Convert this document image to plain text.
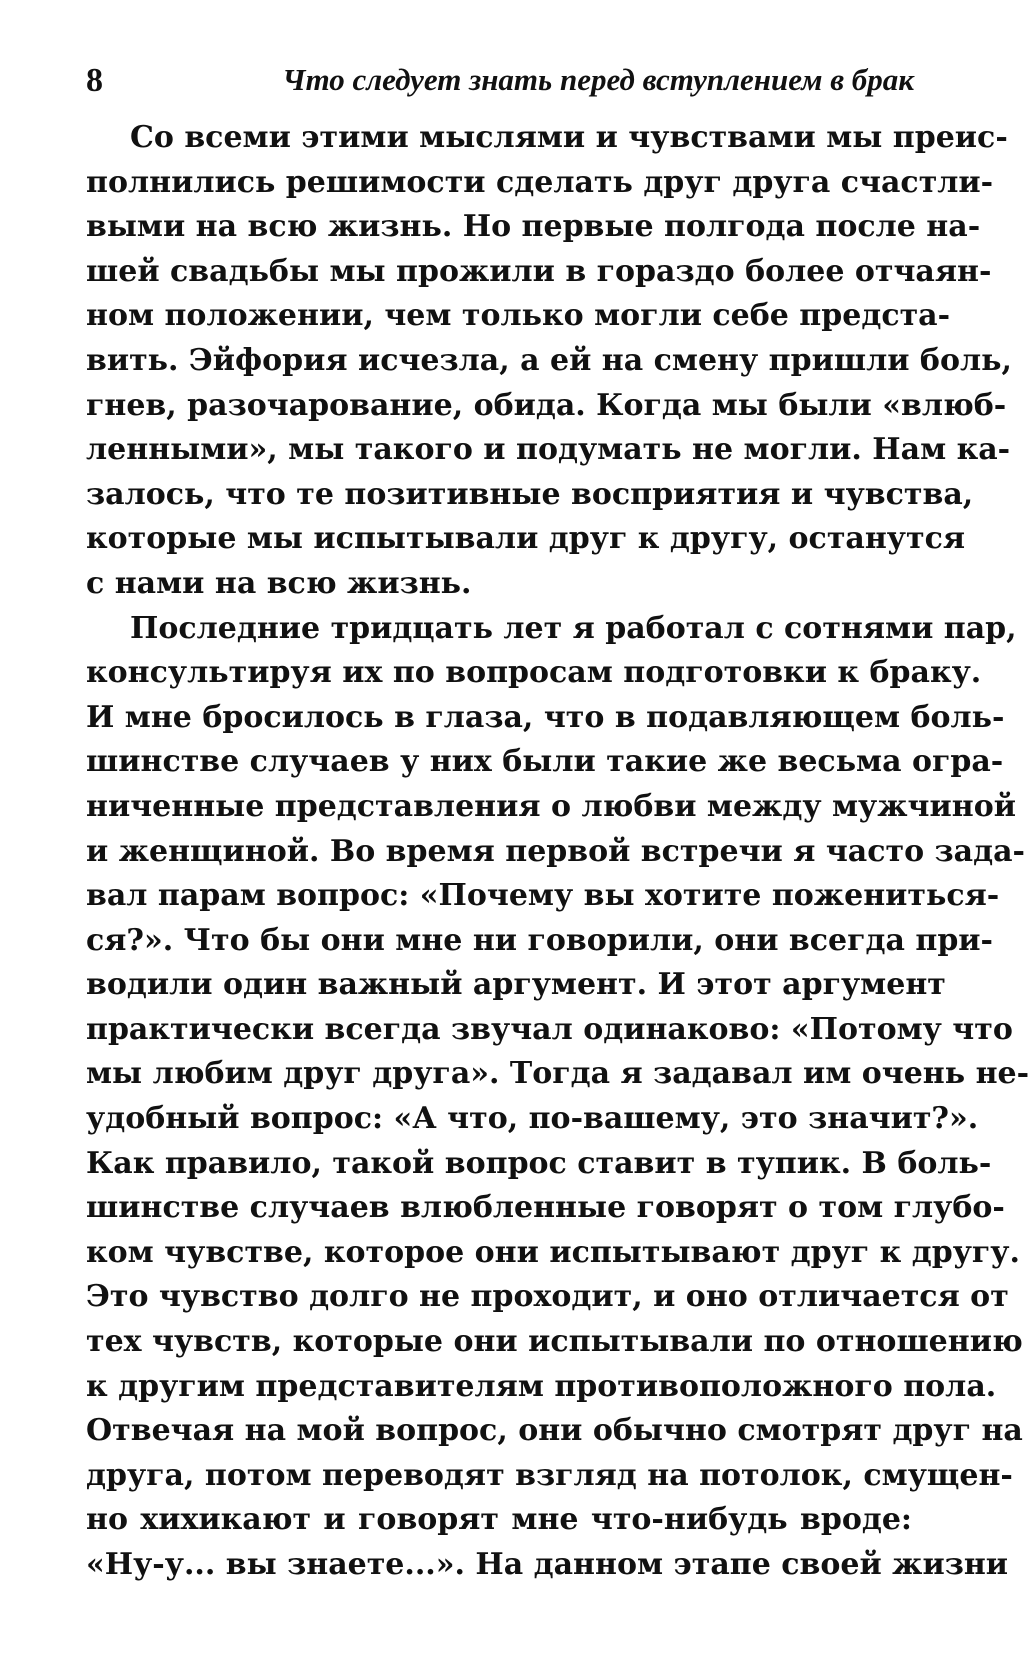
8	Что следует знать перед вступлением в брак
Со всеми этими мыслями и чувствами мы преис-
полнились решимости сделать друг друга счастли-
выми на всю жизнь. Но первые полгода после на-
шей свадьбы мы прожили в гораздо более отчаян-
ном положении, чем только могли себе предста-
вить. Эйфория исчезла, а ей на смену пришли боль,
гнев, разочарование, обида. Когда мы были «влюб-
ленными», мы такого и подумать не могли. Нам ка-
залось, что те позитивные восприятия и чувства,
которые мы испытывали друг к другу, останутся
с нами на всю жизнь.
Последние тридцать лет я работал с сотнями пар,
консультируя их по вопросам подготовки к браку.
И мне бросилось в глаза, что в подавляющем боль-
шинстве случаев у них были такие же весьма огра-
ниченные представления о любви между мужчиной
и женщиной. Во время первой встречи я часто зада-
вал парам вопрос: «Почему вы хотите пожениться-
ся?». Что бы они мне ни говорили, они всегда при-
водили один важный аргумент. И этот аргумент
практически всегда звучал одинаково: «Потому что
мы любим друг друга». Тогда я задавал им очень не-
удобный вопрос: «А что, по-вашему, это значит?».
Как правило, такой вопрос ставит в тупик. В боль-
шинстве случаев влюбленные говорят о том глубо-
ком чувстве, которое они испытывают друг к другу.
Это чувство долго не проходит, и оно отличается от
тех чувств, которые они испытывали по отношению
к другим представителям противоположного пола.
Отвечая на мой вопрос, они обычно смотрят друг на
друга, потом переводят взгляд на потолок, смущен-
но хихикают и говорят мне что-нибудь вроде:
«Ну-у... вы знаете...». На данном этапе своей жизни
